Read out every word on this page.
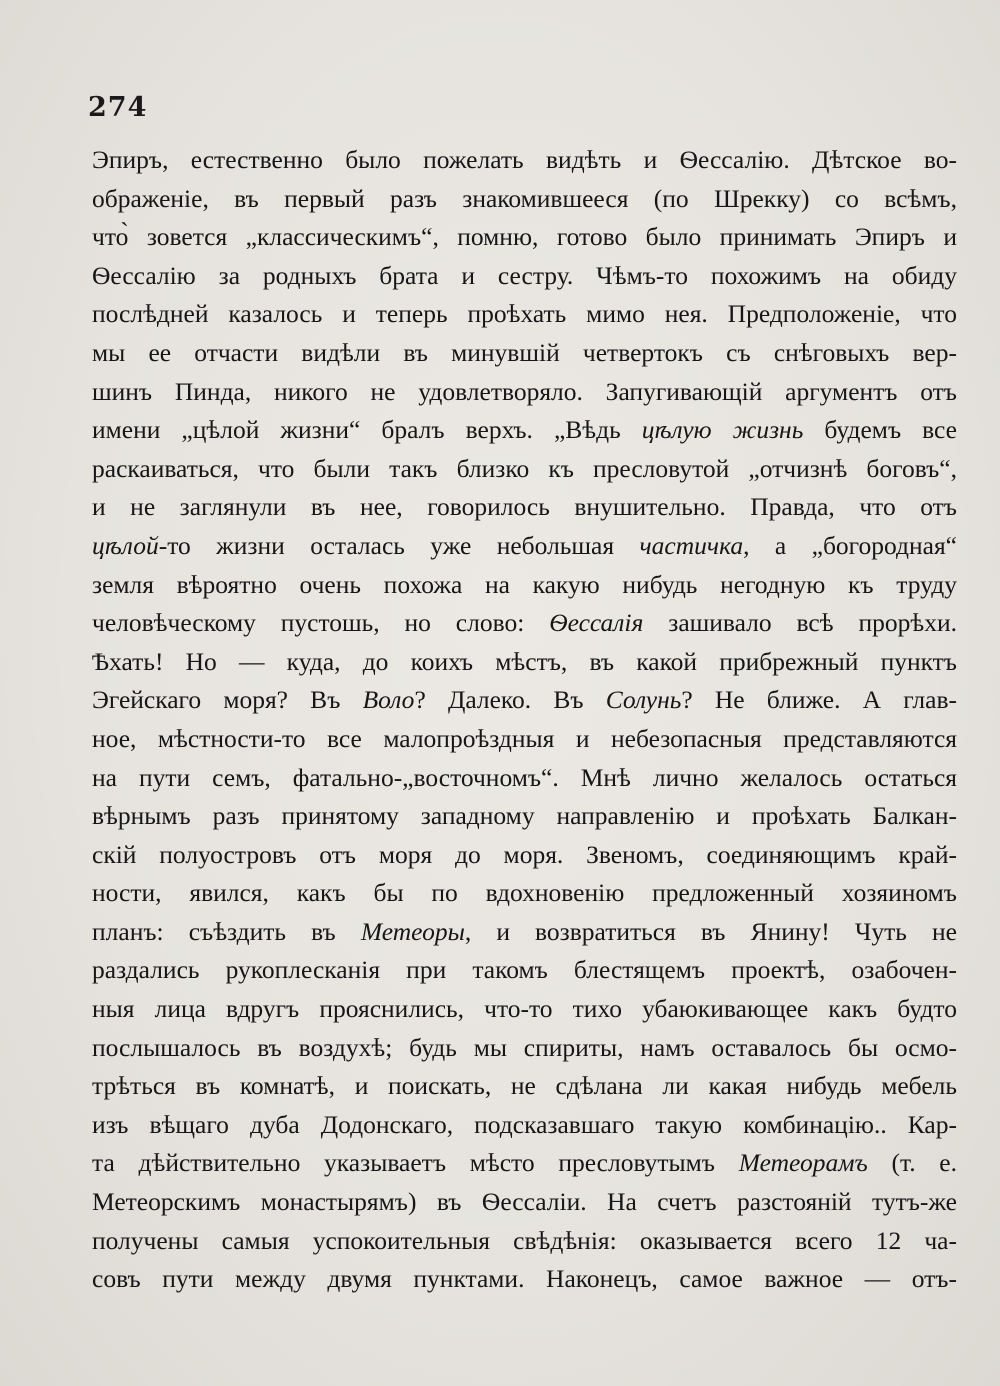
274
Эпиръ, естественно было пожелать видѣть и Ѳессалію. Дѣтское во-
ображеніе, въ первый разъ знакомившееся (по Шрекку) со всѣмъ,
что̀ зовется „классическимъ“, помню, готово было принимать Эпиръ и
Ѳессалію за родныхъ брата и сестру. Чѣмъ-то похожимъ на обиду
послѣдней казалось и теперь проѣхать мимо нея. Предположеніе, что
мы ее отчасти видѣли въ минувшій четвертокъ съ снѣговыхъ вер-
шинъ Пинда, никого не удовлетворяло. Запугивающій аргументъ отъ
имени „цѣлой жизни“ бралъ верхъ. „Вѣдь цѣлую жизнь будемъ все
раскаиваться, что были такъ близко къ пресловутой „отчизнѣ боговъ“,
и не заглянули въ нее, говорилось внушительно. Правда, что отъ
цѣлой-то жизни осталась уже небольшая частичка, а „богородная“
земля вѣроятно очень похожа на какую нибудь негодную къ труду
человѣческому пустошь, но слово: Ѳессалія зашивало всѣ прорѣхи.
Ѣхать! Но — куда, до коихъ мѣстъ, въ какой прибрежный пунктъ
Эгейскаго моря? Въ Воло? Далеко. Въ Солунь? Не ближе. А глав-
ное, мѣстности-то все малопроѣздныя и небезопасныя представляются
на пути семъ, фатально-„восточномъ“. Мнѣ лично желалось остаться
вѣрнымъ разъ принятому западному направленію и проѣхать Балкан-
скій полуостровъ отъ моря до моря. Звеномъ, соединяющимъ край-
ности, явился, какъ бы по вдохновенію предложенный хозяиномъ
планъ: съѣздить въ Метеоры, и возвратиться въ Янину! Чуть не
раздались рукоплесканія при такомъ блестящемъ проектѣ, озабочен-
ныя лица вдругъ прояснились, что-то тихо убаюкивающее какъ будто
послышалось въ воздухѣ; будь мы спириты, намъ оставалось бы осмо-
трѣться въ комнатѣ, и поискать, не сдѣлана ли какая нибудь мебель
изъ вѣщаго дуба Додонскаго, подсказавшаго такую комбинацію.. Кар-
та дѣйствительно указываетъ мѣсто пресловутымъ Метеорамъ (т. е.
Метеорскимъ монастырямъ) въ Ѳессаліи. На счетъ разстояній тутъ-же
получены самыя успокоительныя свѣдѣнія: оказывается всего 12 ча-
совъ пути между двумя пунктами. Наконецъ, самое важное — отъ-
